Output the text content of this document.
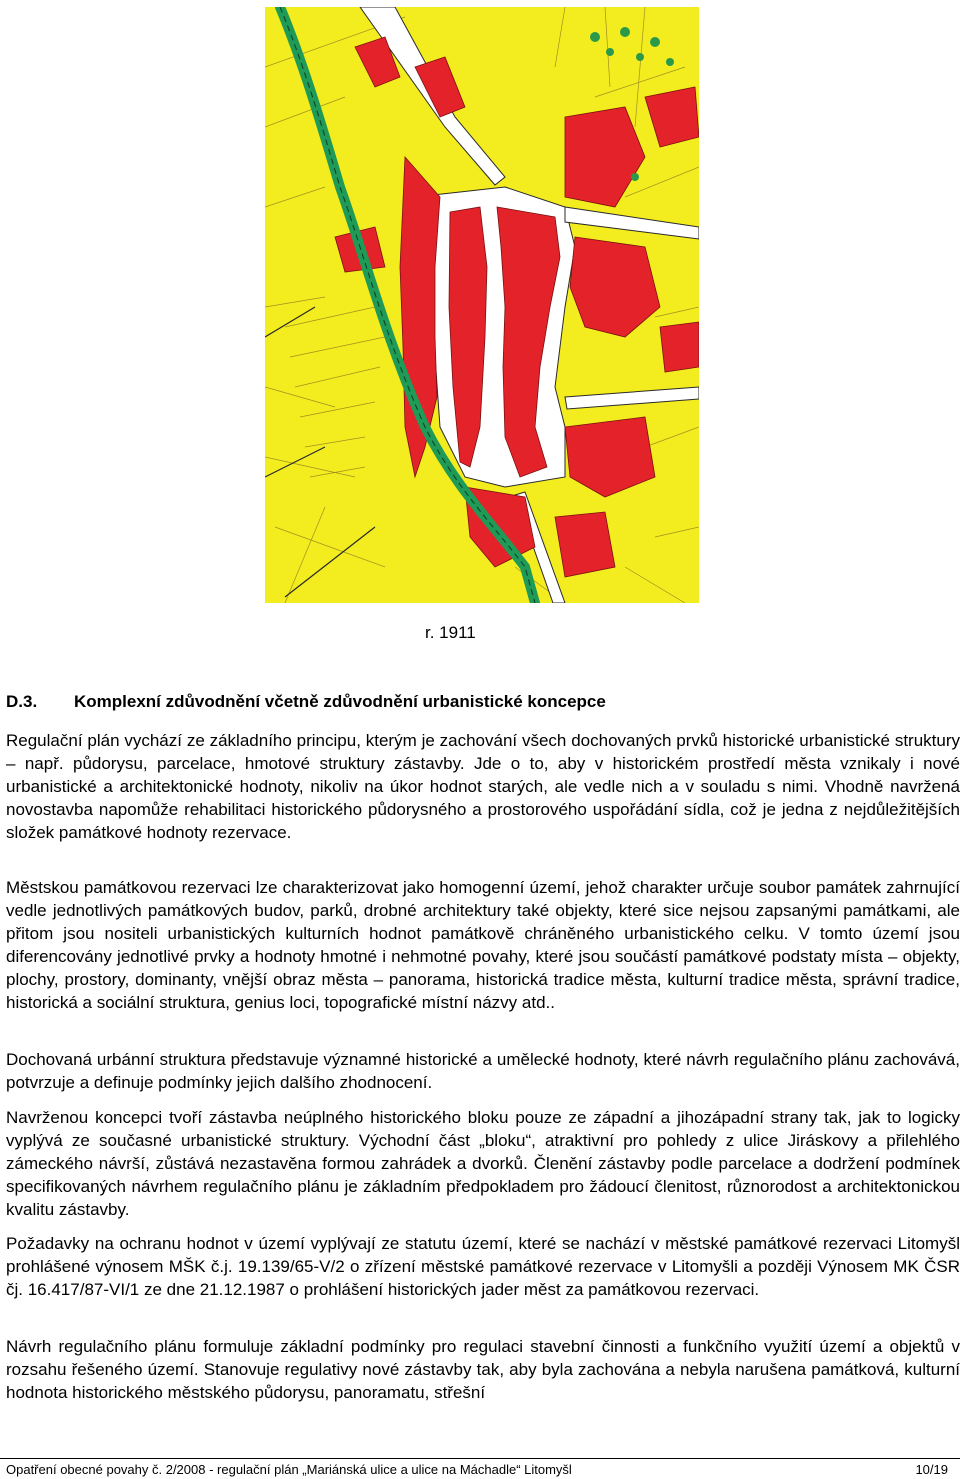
r. 1911
D.3. Komplexní zdůvodnění včetně zdůvodnění urbanistické koncepce

Regulační plán vychází ze základního principu, kterým je zachování všech dochovaných prvků historické urbanistické struktury – např. půdorysu, parcelace, hmotové struktury zástavby. Jde o to, aby v historickém prostředí města vznikaly i nové urbanistické a architektonické hodnoty, nikoliv na úkor hodnot starých, ale vedle nich a v souladu s nimi. Vhodně navržená novostavba napomůže rehabilitaci historického půdorysného a prostorového uspořádání sídla, což je jedna z nejdůležitějších složek památkové hodnoty rezervace.

Městskou památkovou rezervaci lze charakterizovat jako homogenní území, jehož charakter určuje soubor památek zahrnující vedle jednotlivých památkových budov, parků, drobné architektury také objekty, které sice nejsou zapsanými památkami, ale přitom jsou nositeli urbanistických kulturních hodnot památkově chráněného urbanistického celku. V tomto území jsou diferencovány jednotlivé prvky a hodnoty hmotné i nehmotné povahy, které jsou součástí památkové podstaty místa – objekty, plochy, prostory, dominanty, vnější obraz města – panorama, historická tradice města, kulturní tradice města, správní tradice, historická a sociální struktura, genius loci, topografické místní názvy atd..

Dochovaná urbánní struktura představuje významné historické a umělecké hodnoty, které návrh regulačního plánu zachovává, potvrzuje a definuje podmínky jejich dalšího zhodnocení.

Navrženou koncepci tvoří zástavba neúplného historického bloku pouze ze západní a jihozápadní strany tak, jak to logicky vyplývá ze současné urbanistické struktury. Východní část „bloku“, atraktivní pro pohledy z ulice Jiráskovy a přilehlého zámeckého návrší, zůstává nezastavěna formou zahrádek a dvorků. Členění zástavby podle parcelace a dodržení podmínek specifikovaných návrhem regulačního plánu je základním předpokladem pro žádoucí členitost, různorodost a architektonickou kvalitu zástavby.

Požadavky na ochranu hodnot v území vyplývají ze statutu území, které se nachází v městské památkové rezervaci Litomyšl prohlášené výnosem MŠK č.j. 19.139/65-V/2 o zřízení městské památkové rezervace v Litomyšli a později Výnosem MK ČSR čj. 16.417/87-VI/1 ze dne 21.12.1987 o prohlášení historických jader měst za památkovou rezervaci.

Návrh regulačního plánu formuluje základní podmínky pro regulaci stavební činnosti a funkčního využití území a objektů v rozsahu řešeného území. Stanovuje regulativy nové zástavby tak, aby byla zachována a nebyla narušena památková, kulturní hodnota historického městského půdorysu, panoramatu, střešní

Opatření obecné povahy č. 2/2008 - regulační plán „Mariánská ulice a ulice na Máchadle“ Litomyšl	10/19
